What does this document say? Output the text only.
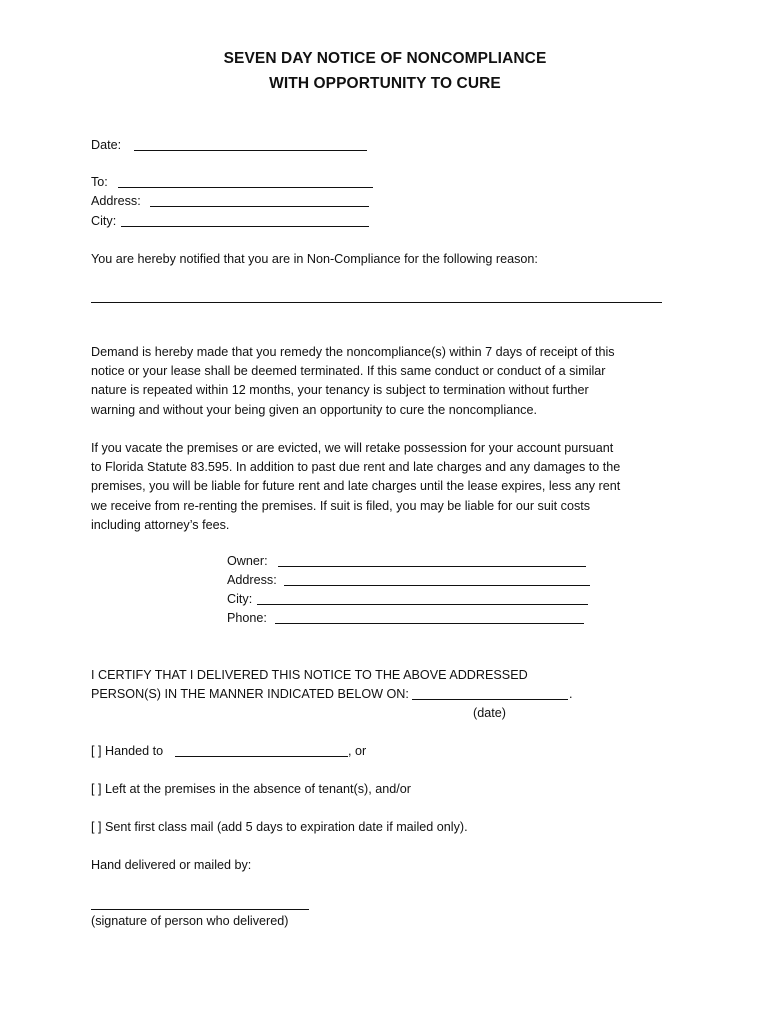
SEVEN DAY NOTICE OF NONCOMPLIANCE
WITH OPPORTUNITY TO CURE
Date:
To:
Address:
City:
You are hereby notified that you are in Non-Compliance for the following reason:
Demand is hereby made that you remedy the noncompliance(s) within 7 days of receipt of this
notice or your lease shall be deemed terminated. If this same conduct or conduct of a similar
nature is repeated within 12 months, your tenancy is subject to termination without further
warning and without your being given an opportunity to cure the noncompliance.
If you vacate the premises or are evicted, we will retake possession for your account pursuant
to Florida Statute 83.595. In addition to past due rent and late charges and any damages to the
premises, you will be liable for future rent and late charges until the lease expires, less any rent
we receive from re-renting the premises. If suit is filed, you may be liable for our suit costs
including attorney’s fees.
Owner:
Address:
City:
Phone:
I CERTIFY THAT I DELIVERED THIS NOTICE TO THE ABOVE ADDRESSED
PERSON(S) IN THE MANNER INDICATED BELOW ON:	.
(date)
[ ] Handed to	, or
[ ] Left at the premises in the absence of tenant(s), and/or
[ ] Sent first class mail (add 5 days to expiration date if mailed only).
Hand delivered or mailed by:
(signature of person who delivered)
